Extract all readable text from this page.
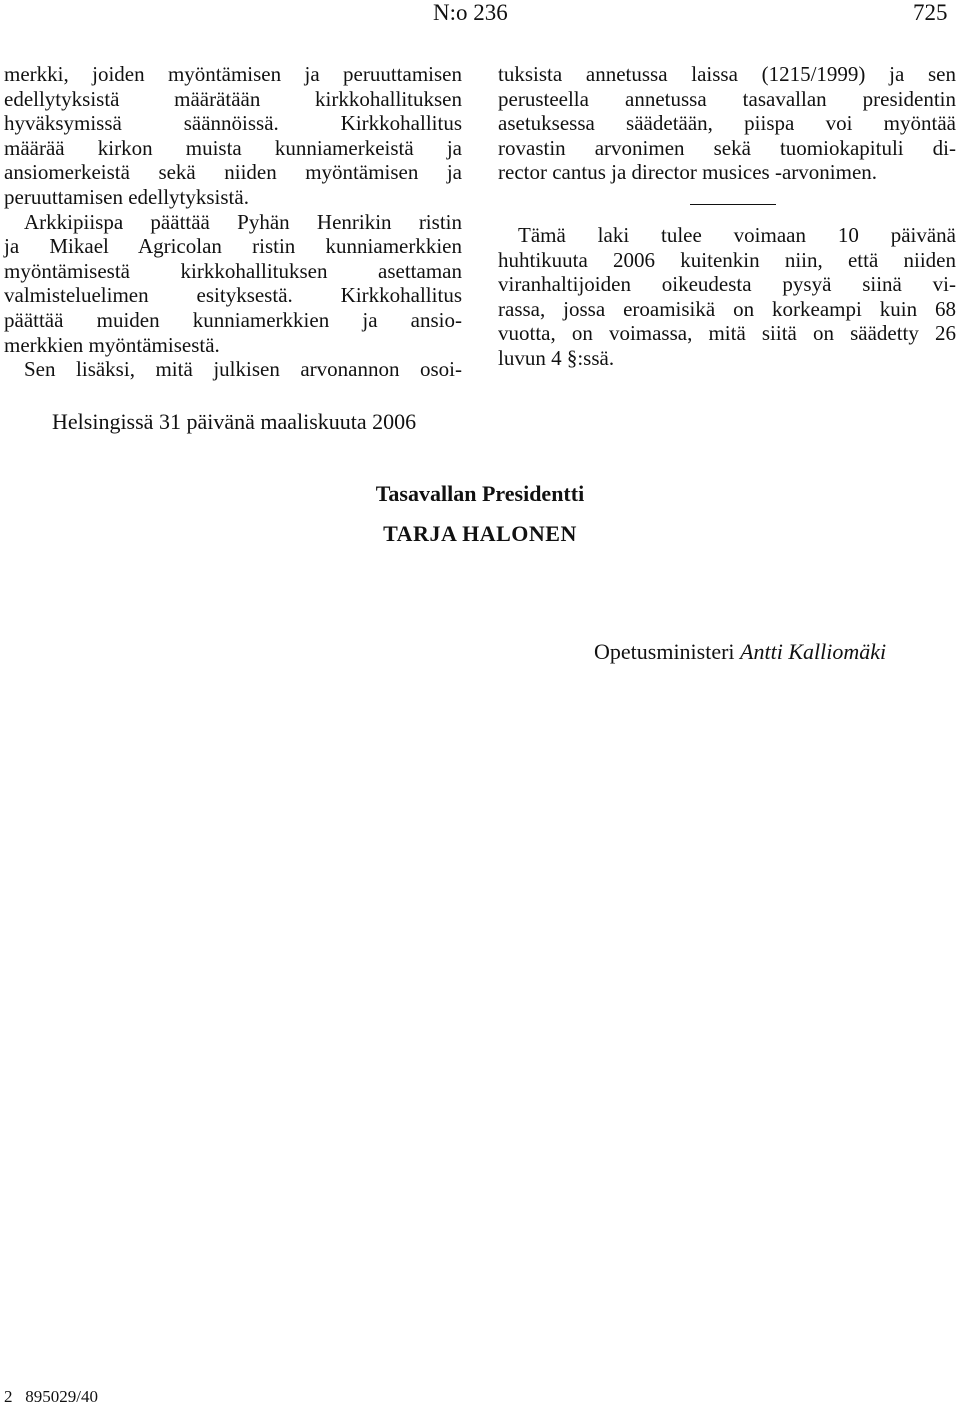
N:o 236	725
merkki, joiden myöntämisen ja peruuttamisen
edellytyksistä määrätään kirkkohallituksen
hyväksymissä säännöissä. Kirkkohallitus
määrää kirkon muista kunniamerkeistä ja
ansiomerkeistä sekä niiden myöntämisen ja
peruuttamisen edellytyksistä.
Arkkipiispa päättää Pyhän Henrikin ristin
ja Mikael Agricolan ristin kunniamerkkien
myöntämisestä kirkkohallituksen asettaman
valmisteluelimen esityksestä. Kirkkohallitus
päättää muiden kunniamerkkien ja ansio-
merkkien myöntämisestä.
Sen lisäksi, mitä julkisen arvonannon osoi-
tuksista annetussa laissa (1215/1999) ja sen
perusteella annetussa tasavallan presidentin
asetuksessa säädetään, piispa voi myöntää
rovastin arvonimen sekä tuomiokapituli di-
rector cantus ja director musices -arvonimen.
Tämä laki tulee voimaan 10 päivänä
huhtikuuta 2006 kuitenkin niin, että niiden
viranhaltijoiden oikeudesta pysyä siinä vi-
rassa, jossa eroamisikä on korkeampi kuin 68
vuotta, on voimassa, mitä siitä on säädetty 26
luvun 4 §:ssä.
Helsingissä 31 päivänä maaliskuuta 2006
Tasavallan Presidentti
TARJA HALONEN
Opetusministeri Antti Kalliomäki
2   895029/40
